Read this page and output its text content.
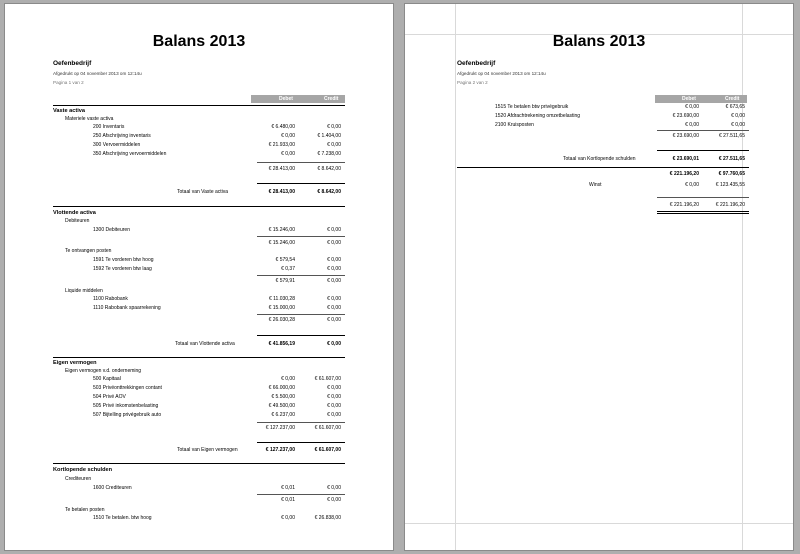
Balans 2013
Oefenbedrijf
Afgedrukt op 04 november 2013 om 12:14u
Pagina 1 van 2
Debet	Credit
Vaste activa
Materiele vaste activa
200 Inventaris	€ 6.480,00	€ 0,00
250 Afschrijving inventaris	€ 0,00	€ 1.404,00
300 Vervoermiddelen	€ 21.933,00	€ 0,00
350 Afschrijving vervoermiddelen	€ 0,00	€ 7.238,00
€ 28.413,00	€ 8.642,00
Totaal van Vaste activa	€ 28.413,00	€ 8.642,00
Vlottende activa
Debiteuren
1300 Debiteuren	€ 15.246,00	€ 0,00
€ 15.246,00	€ 0,00
Te ontvangen posten
1591 Te vorderen btw hoog	€ 579,54	€ 0,00
1592 Te vorderen btw laag	€ 0,37	€ 0,00
€ 579,91	€ 0,00
Liquide middelen
1100 Rabobank	€ 11.030,28	€ 0,00
1110 Rabobank spaarrekening	€ 15.000,00	€ 0,00
€ 26.030,28	€ 0,00
Totaal van Vlottende activa	€ 41.856,19	€ 0,00
Eigen vermogen
Eigen vermogen v.d. onderneming
500 Kapitaal	€ 0,00	€ 61.607,00
503 Privéonttrekkingen contant	€ 66.000,00	€ 0,00
504 Privé AOV	€ 5.500,00	€ 0,00
505 Privé inkomstenbelasting	€ 49.500,00	€ 0,00
507 Bijtelling privégebruik auto	€ 6.237,00	€ 0,00
€ 127.237,00	€ 61.607,00
Totaal van Eigen vermogen	€ 127.237,00	€ 61.607,00
Kortlopende schulden
Crediteuren
1600 Crediteuren	€ 0,01	€ 0,00
€ 0,01	€ 0,00
Te betalen posten
1510 Te betalen. btw hoog	€ 0,00	€ 26.838,00
Balans 2013
Oefenbedrijf
Afgedrukt op 04 november 2013 om 12:14u
Pagina 2 van 2
Debet	Credit
1515 Te betalen btw privégebruik	€ 0,00	€ 673,65
1520 Afdrachtrekening omzetbelasting	€ 23.690,00	€ 0,00
2100 Kruisposten	€ 0,00	€ 0,00
€ 23.690,00	€ 27.511,65
Totaal van Kortlopende schulden	€ 23.690,01	€ 27.511,65
€ 221.196,20	€ 97.760,65
Winst	€ 0,00	€ 123.435,55
€ 221.196,20	€ 221.196,20
